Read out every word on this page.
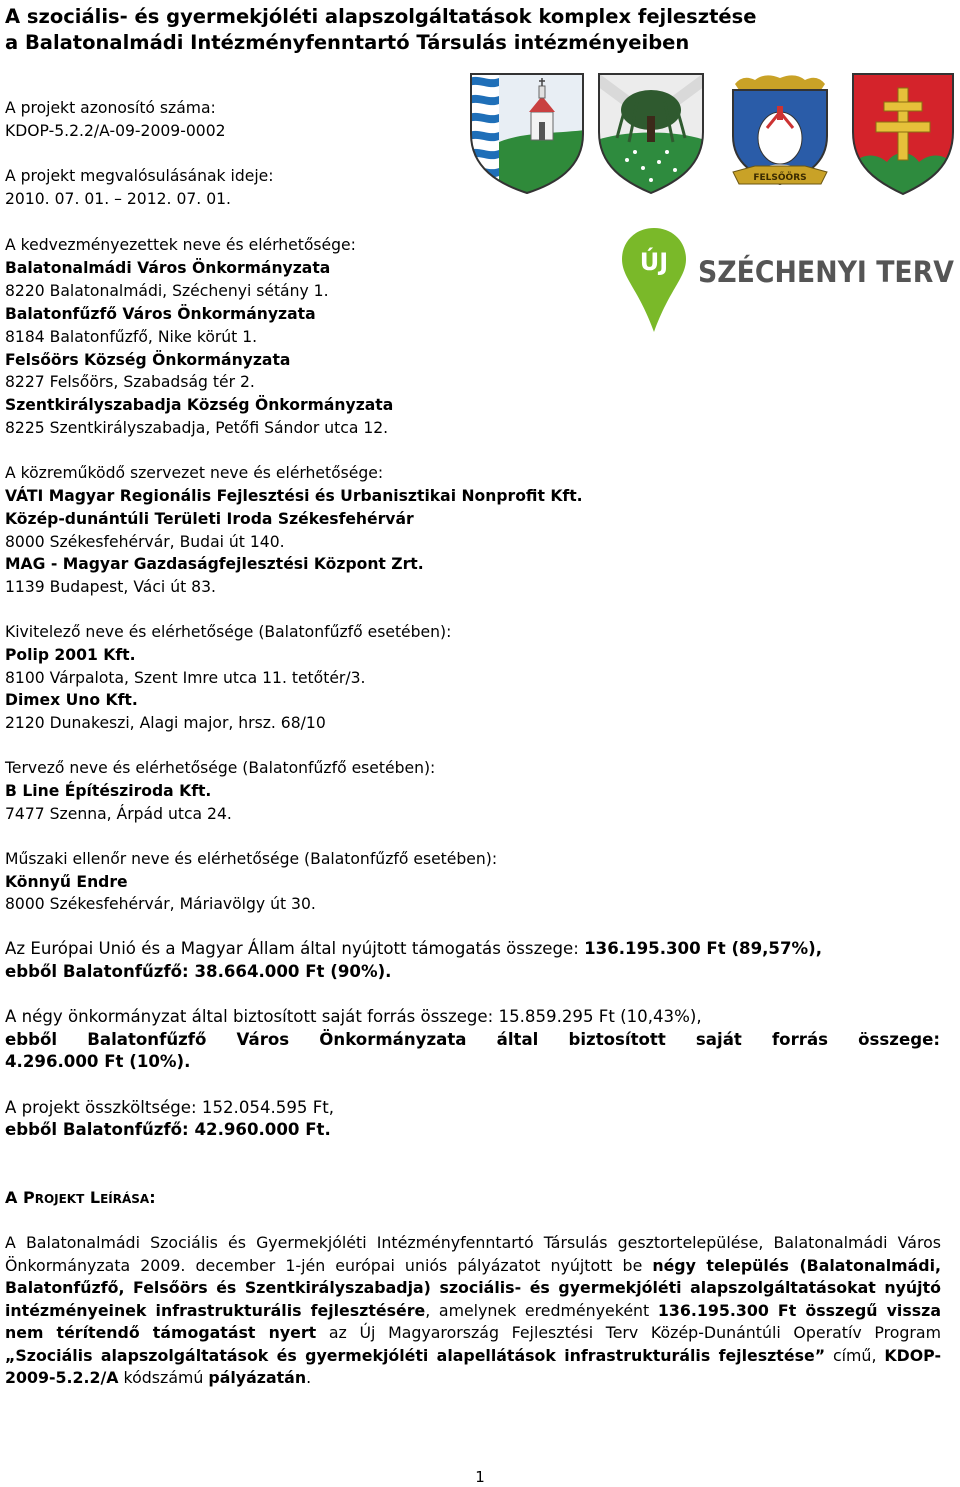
A szociális- és gyermekjóléti alapszolgáltatások komplex fejlesztése
a Balatonalmádi Intézményfenntartó Társulás intézményeiben
FELSŐÖRS
ÚJ SZÉCHENYI TERV
A projekt azonosító száma:
KDOP-5.2.2/A-09-2009-0002
A projekt megvalósulásának ideje:
2010. 07. 01. – 2012. 07. 01.
A kedvezményezettek neve és elérhetősége:
Balatonalmádi Város Önkormányzata
8220 Balatonalmádi, Széchenyi sétány 1.
Balatonfűzfő Város Önkormányzata
8184 Balatonfűzfő, Nike körút 1.
Felsőörs Község Önkormányzata
8227 Felsőörs, Szabadság tér 2.
Szentkirályszabadja Község Önkormányzata
8225 Szentkirályszabadja, Petőfi Sándor utca 12.
A közreműködő szervezet neve és elérhetősége:
VÁTI Magyar Regionális Fejlesztési és Urbanisztikai Nonprofit Kft.
Közép-dunántúli Területi Iroda Székesfehérvár
8000 Székesfehérvár, Budai út 140.
MAG - Magyar Gazdaságfejlesztési Központ Zrt.
1139 Budapest, Váci út 83.
Kivitelező neve és elérhetősége (Balatonfűzfő esetében):
Polip 2001 Kft.
8100 Várpalota, Szent Imre utca 11. tetőtér/3.
Dimex Uno Kft.
2120 Dunakeszi, Alagi major, hrsz. 68/10
Tervező neve és elérhetősége (Balatonfűzfő esetében):
B Line Építésziroda Kft.
7477 Szenna, Árpád utca 24.
Műszaki ellenőr neve és elérhetősége (Balatonfűzfő esetében):
Könnyű Endre
8000 Székesfehérvár, Máriavölgy út 30.
Az Európai Unió és a Magyar Állam által nyújtott támogatás összege: 136.195.300 Ft (89,57%),
ebből Balatonfűzfő: 38.664.000 Ft (90%).
A négy önkormányzat által biztosított saját forrás összege: 15.859.295 Ft (10,43%),
ebből Balatonfűzfő Város Önkormányzata által biztosított saját forrás összege:
4.296.000 Ft (10%).
A projekt összköltsége: 152.054.595 Ft,
ebből Balatonfűzfő: 42.960.000 Ft.
A PROJEKT LEÍRÁSA:
A Balatonalmádi Szociális és Gyermekjóléti Intézményfenntartó Társulás gesztortelepülése, Balatonalmádi Város Önkormányzata 2009. december 1-jén európai uniós pályázatot nyújtott be négy település (Balatonalmádi, Balatonfűzfő, Felsőörs és Szentkirályszabadja) szociális- és gyermekjóléti alapszolgáltatásokat nyújtó intézményeinek infrastrukturális fejlesztésére, amelynek eredményeként 136.195.300 Ft összegű vissza nem térítendő támogatást nyert az Új Magyarország Fejlesztési Terv Közép-Dunántúli Operatív Program „Szociális alapszolgáltatások és gyermekjóléti alapellátások infrastrukturális fejlesztése” című, KDOP-2009-5.2.2/A kódszámú pályázatán.
1
